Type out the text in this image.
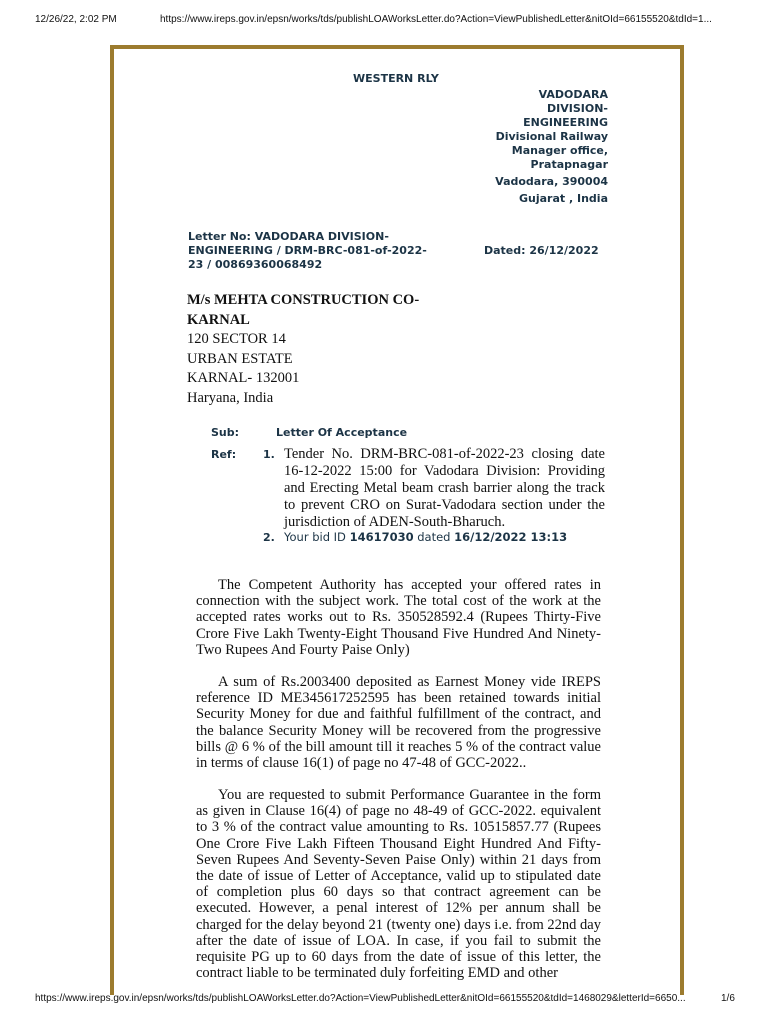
12/26/22, 2:02 PM	https://www.ireps.gov.in/epsn/works/tds/publishLOAWorksLetter.do?Action=ViewPublishedLetter&nitOId=66155520&tdId=1...
WESTERN RLY
VADODARA
DIVISION-
ENGINEERING
Divisional Railway
Manager office,
Pratapnagar
Vadodara, 390004
Gujarat , India
Letter No: VADODARA DIVISION-ENGINEERING / DRM-BRC-081-of-2022-23 / 00869360068492
Dated: 26/12/2022
M/s MEHTA CONSTRUCTION CO-KARNAL
120 SECTOR 14
URBAN ESTATE
KARNAL- 132001
Haryana, India
Sub:	Letter Of Acceptance
Ref: 1. Tender No. DRM-BRC-081-of-2022-23 closing date 16-12-2022 15:00 for Vadodara Division: Providing and Erecting Metal beam crash barrier along the track to prevent CRO on Surat-Vadodara section under the jurisdiction of ADEN-South-Bharuch.
2. Your bid ID 14617030 dated 16/12/2022 13:13
The Competent Authority has accepted your offered rates in connection with the subject work. The total cost of the work at the accepted rates works out to Rs. 350528592.4 (Rupees Thirty-Five Crore Five Lakh Twenty-Eight Thousand Five Hundred And Ninety-Two Rupees And Fourty Paise Only)
A sum of Rs.2003400 deposited as Earnest Money vide IREPS reference ID ME345617252595 has been retained towards initial Security Money for due and faithful fulfillment of the contract, and the balance Security Money will be recovered from the progressive bills @ 6 % of the bill amount till it reaches 5 % of the contract value in terms of clause 16(1) of page no 47-48 of GCC-2022..
You are requested to submit Performance Guarantee in the form as given in Clause 16(4) of page no 48-49 of GCC-2022. equivalent to 3 % of the contract value amounting to Rs. 10515857.77 (Rupees One Crore Five Lakh Fifteen Thousand Eight Hundred And Fifty-Seven Rupees And Seventy-Seven Paise Only) within 21 days from the date of issue of Letter of Acceptance, valid up to stipulated date of completion plus 60 days so that contract agreement can be executed. However, a penal interest of 12% per annum shall be charged for the delay beyond 21 (twenty one) days i.e. from 22nd day after the date of issue of LOA. In case, if you fail to submit the requisite PG up to 60 days from the date of issue of this letter, the contract liable to be terminated duly forfeiting EMD and other
https://www.ireps.gov.in/epsn/works/tds/publishLOAWorksLetter.do?Action=ViewPublishedLetter&nitOId=66155520&tdId=1468029&letterId=6650...	1/6
